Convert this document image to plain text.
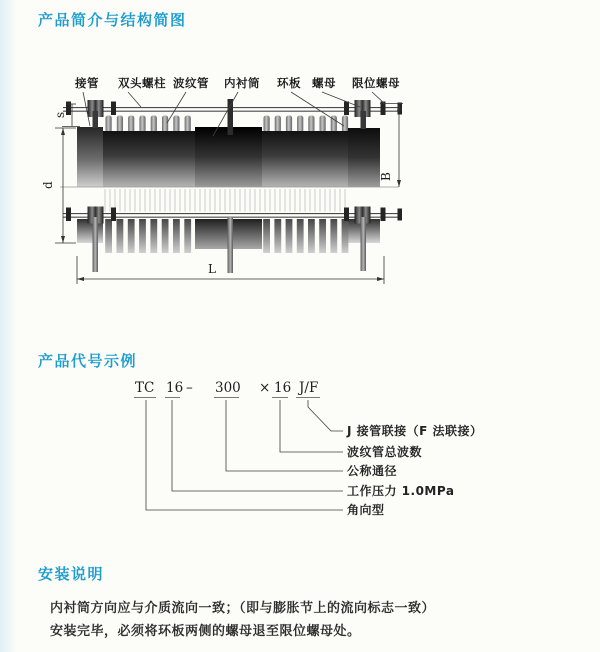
产品简介与结构简图
s
d
B
L
接管 双头螺柱 波纹管 内衬筒 环板 螺母 限位螺母
产品代号示例
TC 16 – 300 × 16 J/F
J 接管联接（F 法联接）
波纹管总波数
公称通径
工作压力 1.0MPa
角向型
安装说明
内衬筒方向应与介质流向一致；（即与膨胀节上的流向标志一致）
安装完毕，必须将环板两侧的螺母退至限位螺母处。
